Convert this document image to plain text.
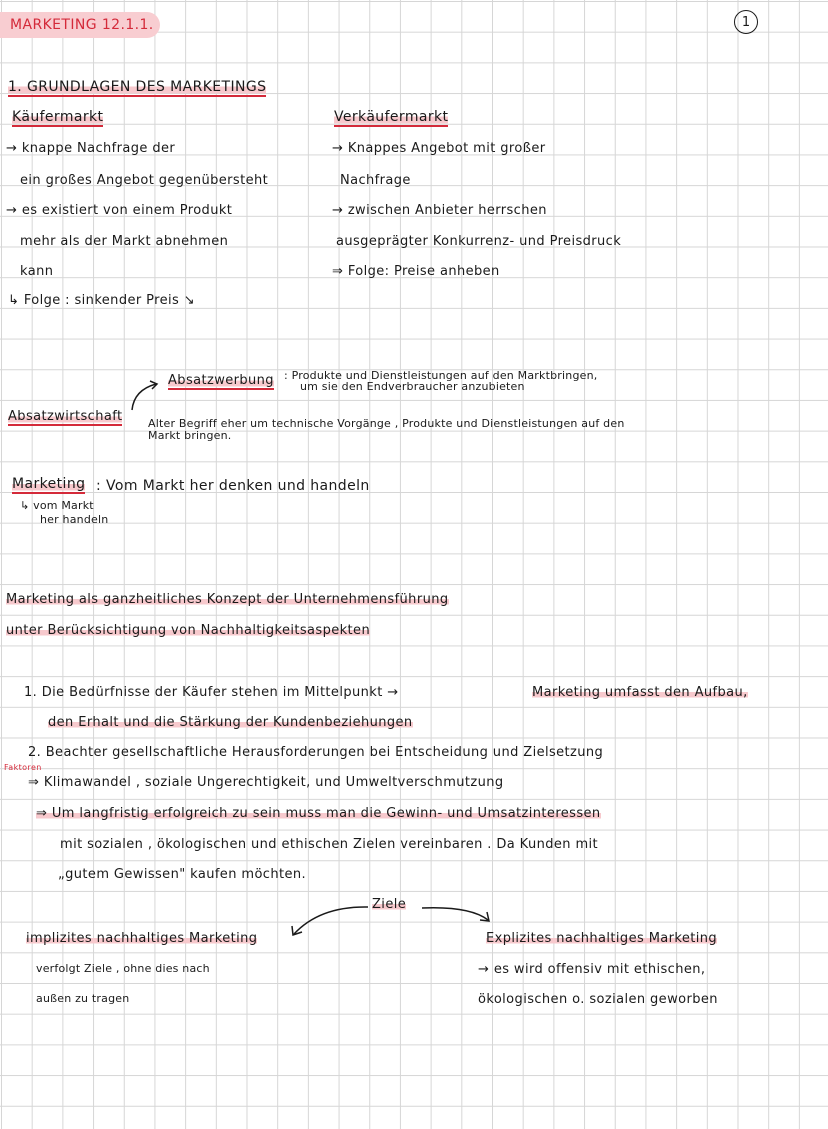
MARKETING 12.1.1.	1
1. GRUNDLAGEN DES MARKETINGS
Käufermarkt
→ knappe Nachfrage der
ein großes Angebot gegenübersteht
→ es existiert von einem Produkt
mehr als der Markt abnehmen
kann
↳ Folge : sinkender Preis ↘
Verkäufermarkt
→ Knappes Angebot mit großer
Nachfrage
→ zwischen Anbieter herrschen
ausgeprägter Konkurrenz- und Preisdruck
⇒ Folge: Preise anheben
Absatzwerbung : Produkte und Dienstleistungen auf den Marktbringen,
um sie den Endverbraucher anzubieten
Absatzwirtschaft Alter Begriff eher um technische Vorgänge , Produkte und Dienstleistungen auf den
Markt bringen.
Marketing : Vom Markt her denken und handeln
↳ vom Markt
her handeln
Marketing als ganzheitliches Konzept der Unternehmensführung
unter Berücksichtigung von Nachhaltigkeitsaspekten
1. Die Bedürfnisse der Käufer stehen im Mittelpunkt →	Marketing umfasst den Aufbau,
den Erhalt und die Stärkung der Kundenbeziehungen
2. Beachter gesellschaftliche Herausforderungen bei Entscheidung und Zielsetzung
Faktoren
⇒ Klimawandel , soziale Ungerechtigkeit, und Umweltverschmutzung
⇒ Um langfristig erfolgreich zu sein muss man die Gewinn- und Umsatzinteressen
mit sozialen , ökologischen und ethischen Zielen vereinbaren . Da Kunden mit
„gutem Gewissen" kaufen möchten.
Ziele
implizites nachhaltiges Marketing
verfolgt Ziele , ohne dies nach
außen zu tragen
Explizites nachhaltiges Marketing
→ es wird offensiv mit ethischen,
ökologischen o. sozialen geworben
